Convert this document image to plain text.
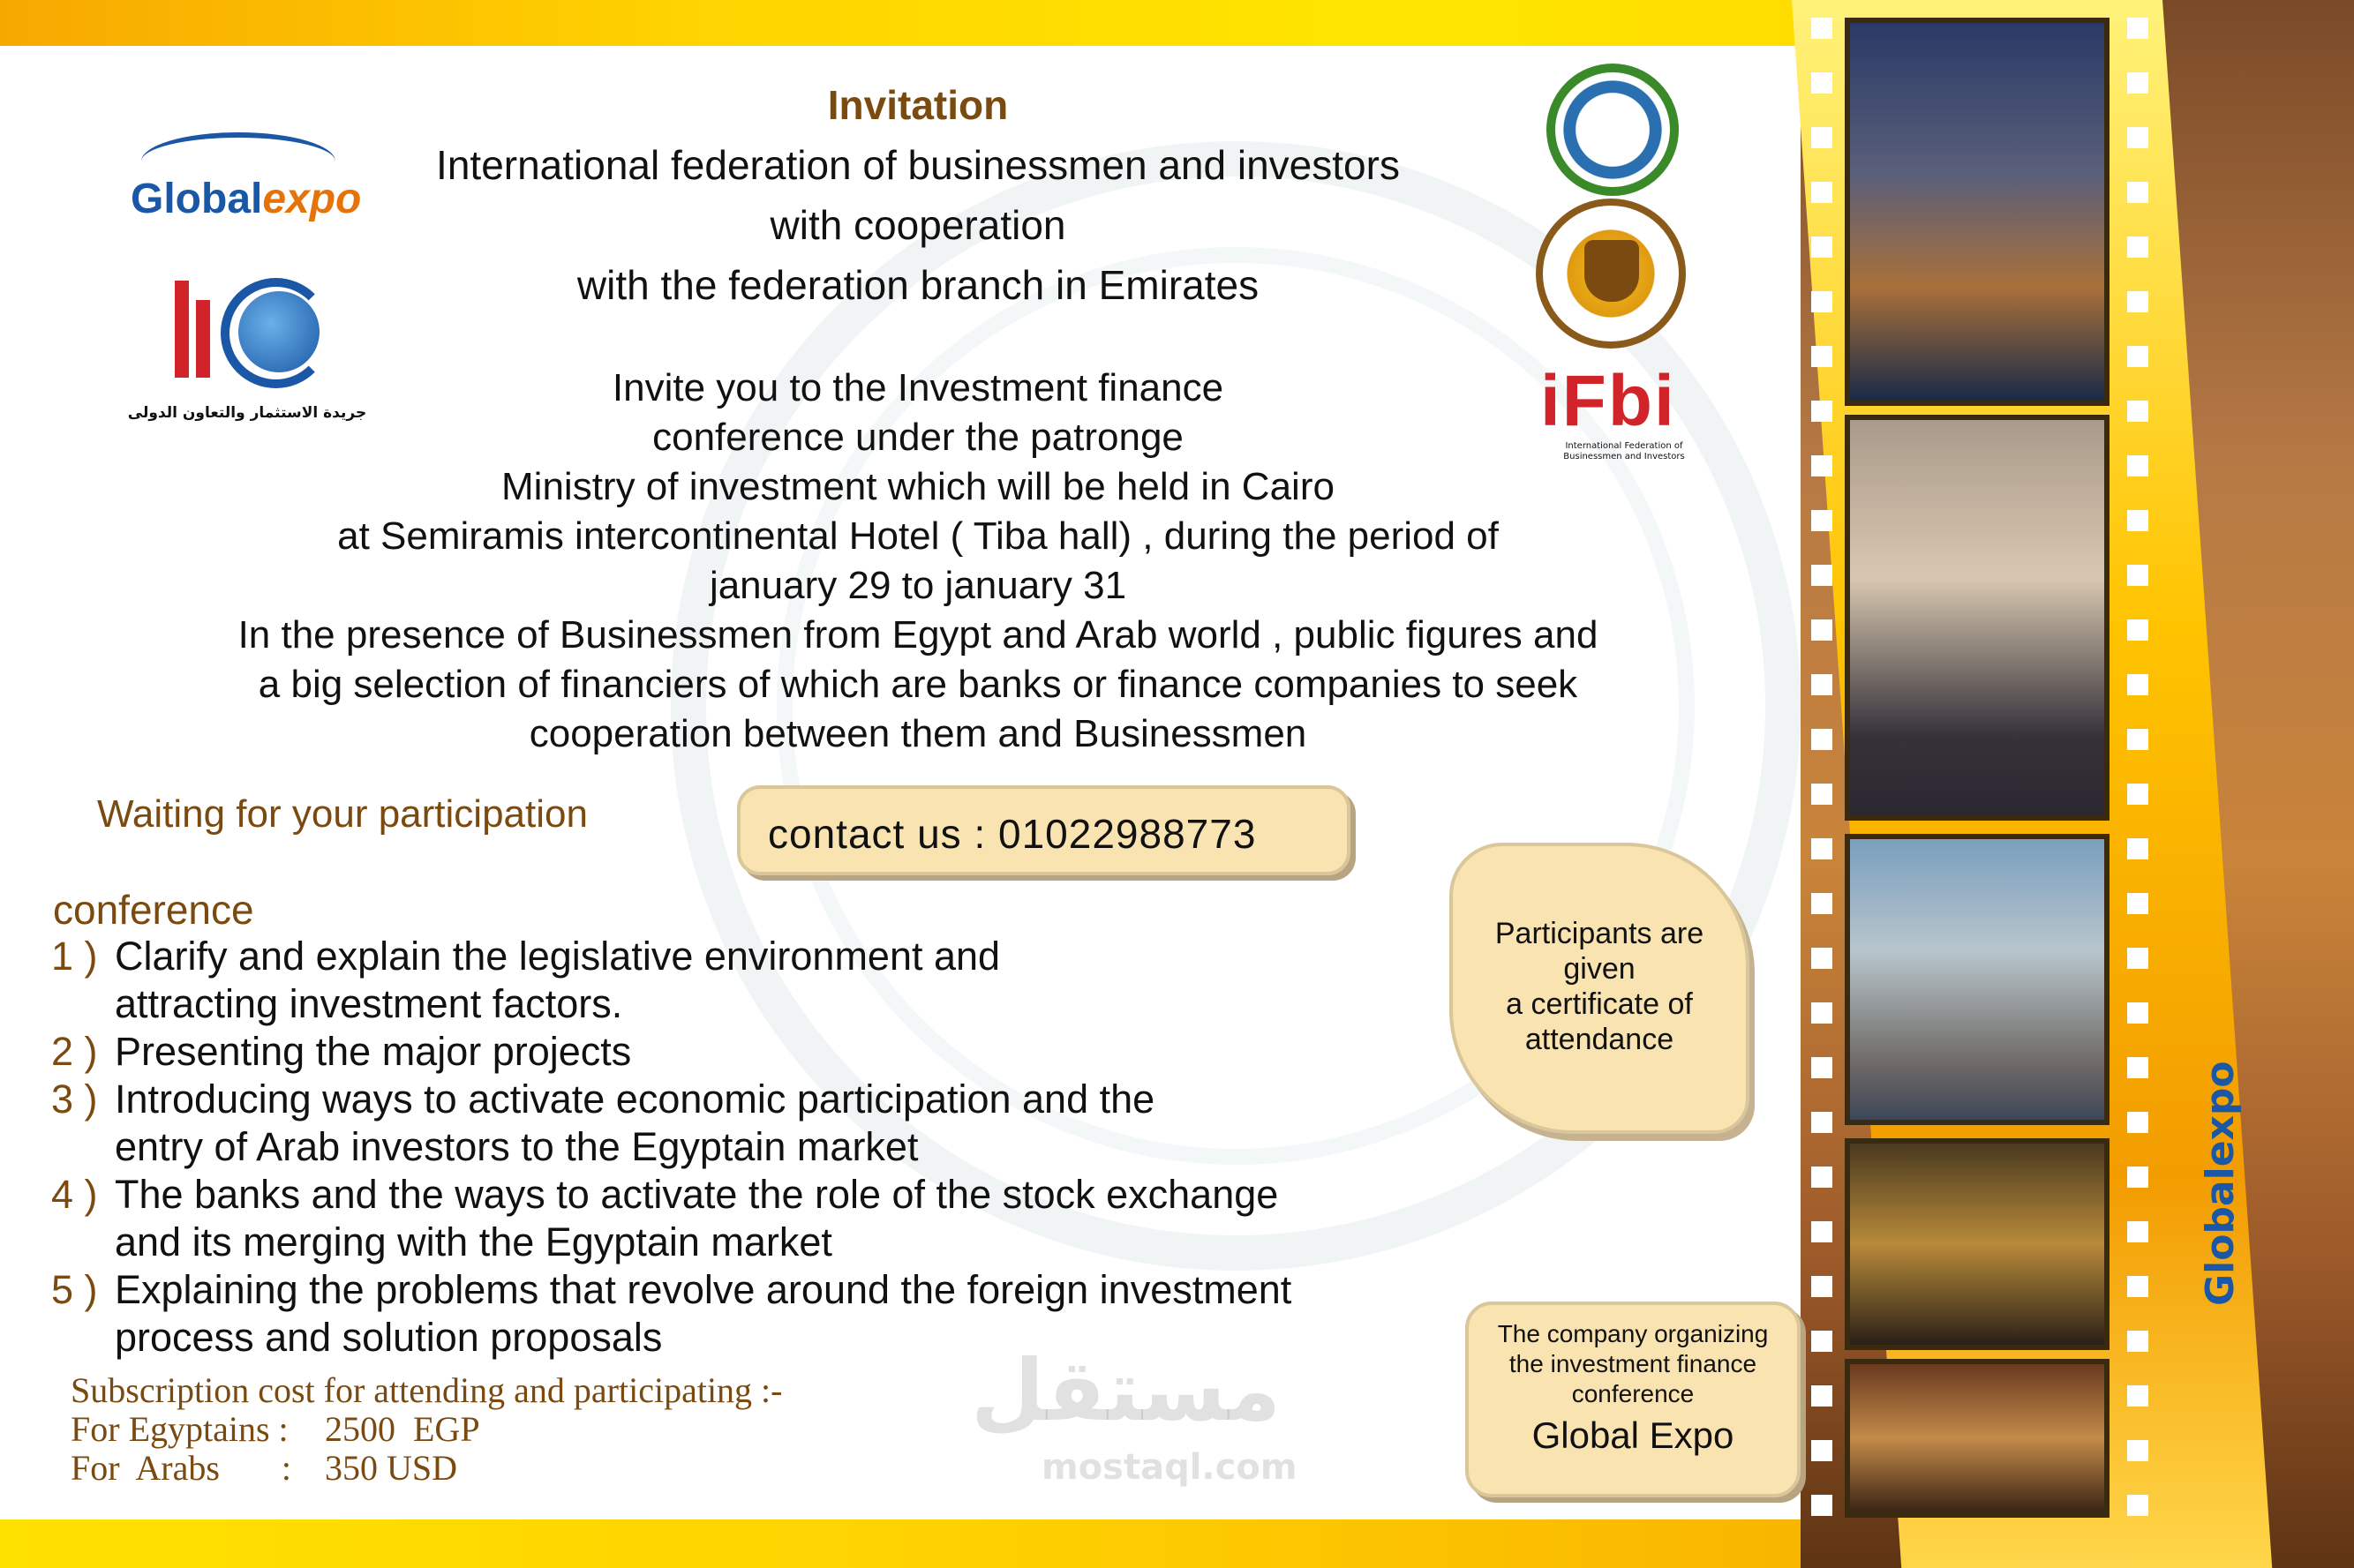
مستقل
mostaql.com
Globalexpo
Globalexpo
جريدة الاستثمار والتعاون الدولى	iFbi
International Federation of Businessmen and Investors
Invitation
International federation of businessmen and investors
with cooperation
with the federation branch in Emirates
Invite you to the Investment finance
conference under the patronge
Ministry of investment which will be held in Cairo
at Semiramis intercontinental Hotel ( Tiba hall) , during the period of
january 29 to january 31
In the presence of Businessmen from Egypt and Arab world , public figures and
a big selection of financiers of which are banks or finance companies to seek
cooperation between them and Businessmen
Waiting for your participation	contact us : 01022988773
conference
1 ) Clarify and explain the legislative environment and
attracting investment factors.
2 ) Presenting the major projects
3 ) Introducing ways to activate economic participation and the
entry of Arab investors to the Egyptain market
4 ) The banks and the ways to activate the role of the stock exchange
and its merging with the Egyptain market
5 ) Explaining the problems that revolve around the foreign investment
process and solution proposals
Subscription cost for attending and participating :-
For Egyptains :	2500  EGP
For  Arabs       : 350 USD
Participants are
given
a certificate of
attendance
The company organizing
the investment finance
conference
Global Expo
